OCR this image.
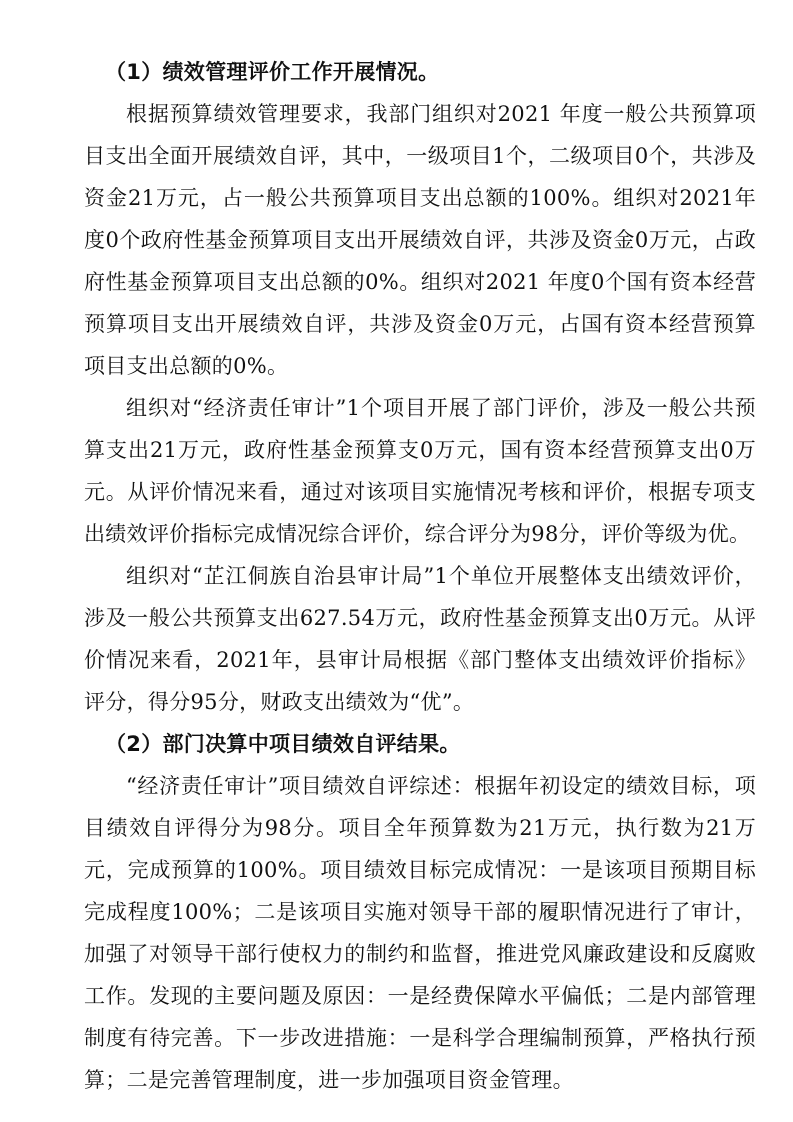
（1）绩效管理评价工作开展情况。

根据预算绩效管理要求，我部门组织对2021 年度一般公共预算项目支出全面开展绩效自评，其中，一级项目1个，二级项目0个，共涉及资金21万元，占一般公共预算项目支出总额的100%。组织对2021年度0个政府性基金预算项目支出开展绩效自评，共涉及资金0万元，占政府性基金预算项目支出总额的0%。组织对2021 年度0个国有资本经营预算项目支出开展绩效自评，共涉及资金0万元，占国有资本经营预算项目支出总额的0%。

组织对“经济责任审计”1个项目开展了部门评价，涉及一般公共预算支出21万元，政府性基金预算支0万元，国有资本经营预算支出0万元。从评价情况来看，通过对该项目实施情况考核和评价，根据专项支出绩效评价指标完成情况综合评价，综合评分为98分，评价等级为优。

组织对“芷江侗族自治县审计局”1个单位开展整体支出绩效评价，涉及一般公共预算支出627.54万元，政府性基金预算支出0万元。从评价情况来看，2021年，县审计局根据《部门整体支出绩效评价指标》评分，得分95分，财政支出绩效为“优”。

（2）部门决算中项目绩效自评结果。

“经济责任审计”项目绩效自评综述：根据年初设定的绩效目标，项目绩效自评得分为98分。项目全年预算数为21万元，执行数为21万元，完成预算的100%。项目绩效目标完成情况：一是该项目预期目标完成程度100%；二是该项目实施对领导干部的履职情况进行了审计，加强了对领导干部行使权力的制约和监督，推进党风廉政建设和反腐败工作。发现的主要问题及原因：一是经费保障水平偏低；二是内部管理制度有待完善。下一步改进措施：一是科学合理编制预算，严格执行预算；二是完善管理制度，进一步加强项目资金管理。
